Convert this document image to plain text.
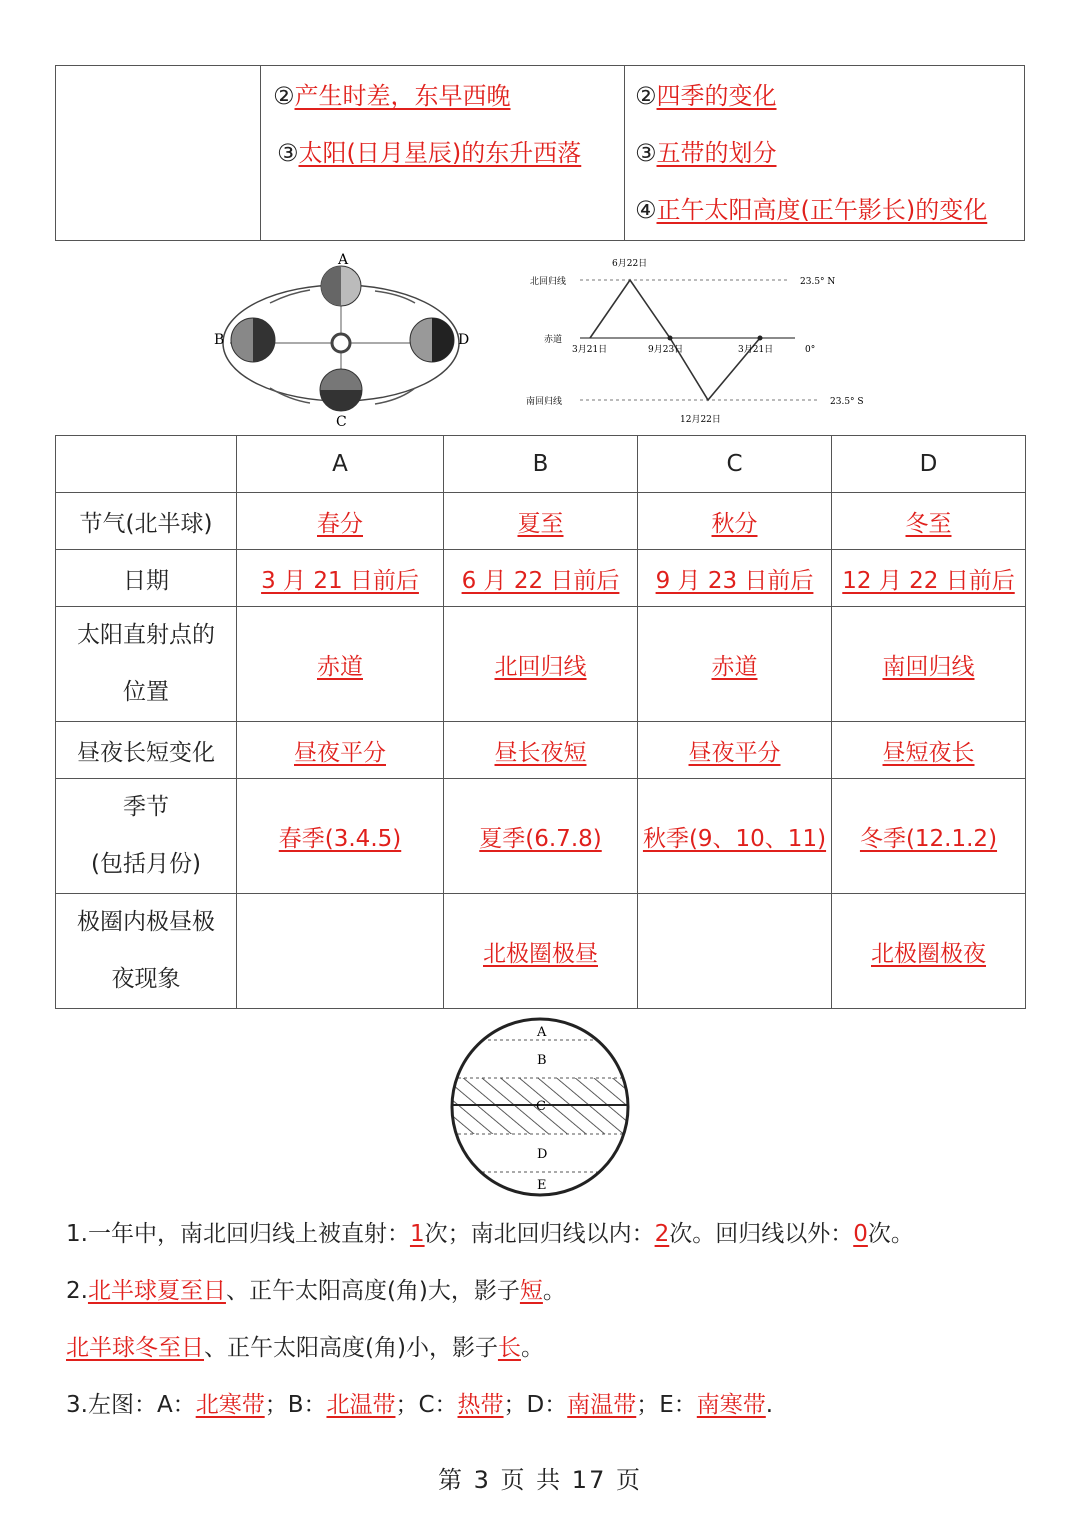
②产生时差，东早西晚
③太阳(日月星辰)的东升西落

②四季的变化
③五带的划分
④正午太阳高度(正午影长)的变化
A
B
C
D
北回归线
赤道
南回归线
6月22日
3月21日	9月23日	3月21日
12月22日
23.5° N
0°
23.5° S
	A	B	C	D
节气(北半球)	春分	夏至	秋分	冬至
日期	3 月 21 日前后	6 月 22 日前后	9 月 23 日前后	12 月 22 日前后

太阳直射点的
位置	赤道	北回归线	赤道	南回归线
昼夜长短变化	昼夜平分	昼长夜短	昼夜平分	昼短夜长

季节
(包括月份)	春季(3.4.5)	夏季(6.7.8)	秋季(9、10、11)	冬季(12.1.2)

极圈内极昼极
夜现象		北极圈极昼		北极圈极夜
A
B
C
D
E
1.一年中，南北回归线上被直射：1次；南北回归线以内：2次。回归线以外：0次。
2.北半球夏至日、正午太阳高度(角)大，影子短。
北半球冬至日、正午太阳高度(角)小，影子长。
3.左图：A：北寒带；B：北温带；C：热带；D：南温带；E：南寒带.
第 3 页 共 17 页
